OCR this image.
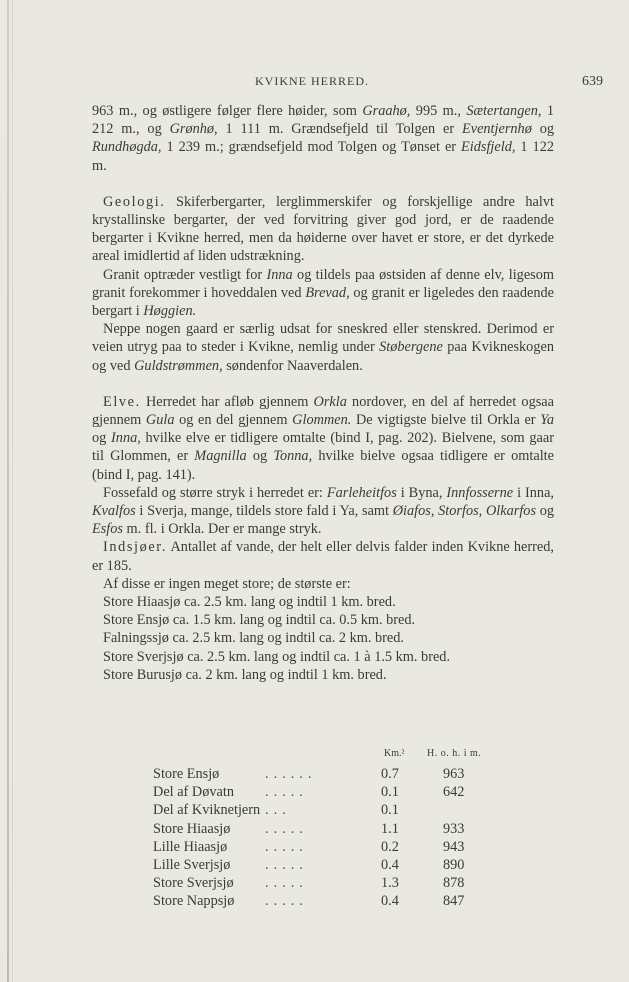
KVIKNE HERRED.	639

963 m., og østligere følger flere høider, som Graahø, 995 m., Sætertangen, 1 212 m., og Grønhø, 1 111 m. Grændsefjeld til Tolgen er Eventjernhø og Rundhøgda, 1 239 m.; grændsefjeld mod Tolgen og Tønset er Eidsfjeld, 1 122 m.

Geologi. Skiferbergarter, lerglimmerskifer og forskjellige andre halvt krystallinske bergarter, der ved forvitring giver god jord, er de raadende bergarter i Kvikne herred, men da høiderne over havet er store, er det dyrkede areal imidlertid af liden udstrækning.

Granit optræder vestligt for Inna og tildels paa østsiden af denne elv, ligesom granit forekommer i hoveddalen ved Brevad, og granit er ligeledes den raadende bergart i Høggien.

Neppe nogen gaard er særlig udsat for sneskred eller stenskred. Derimod er veien utryg paa to steder i Kvikne, nemlig under Støbergene paa Kvikneskogen og ved Guldstrømmen, søndenfor Naaverdalen.

Elve. Herredet har afløb gjennem Orkla nordover, en del af herredet ogsaa gjennem Gula og en del gjennem Glommen. De vigtigste bielve til Orkla er Ya og Inna, hvilke elve er tidligere omtalte (bind I, pag. 202). Bielvene, som gaar til Glommen, er Magnilla og Tonna, hvilke bielve ogsaa tidligere er omtalte (bind I, pag. 141).

Fossefald og større stryk i herredet er: Farleheitfos i Byna, Innfosserne i Inna, Kvalfos i Sverja, mange, tildels store fald i Ya, samt Øiafos, Storfos, Olkarfos og Esfos m. fl. i Orkla. Der er mange stryk.

Indsjøer. Antallet af vande, der helt eller delvis falder inden Kvikne herred, er 185.

Af disse er ingen meget store; de største er:

Store Hiaasjø ca. 2.5 km. lang og indtil 1 km. bred.

Store Ensjø ca. 1.5 km. lang og indtil ca. 0.5 km. bred.

Falningssjø ca. 2.5 km. lang og indtil ca. 2 km. bred.

Store Sverjsjø ca. 2.5 km. lang og indtil ca. 1 à 1.5 km. bred.

Store Burusjø ca. 2 km. lang og indtil 1 km. bred.

Km.² H. o. h. i m.
Store Ensjø	......	0.7	963
Del af Døvatn .....	0.1	642
Del af Kviknetjern ...	0.1
Store Hiaasjø .....	1.1	933
Lille Hiaasjø	.....	0.2	943
Lille Sverjsjø .....	0.4	890
Store Sverjsjø .....	1.3	878
Store Nappsjø .....	0.4	847
